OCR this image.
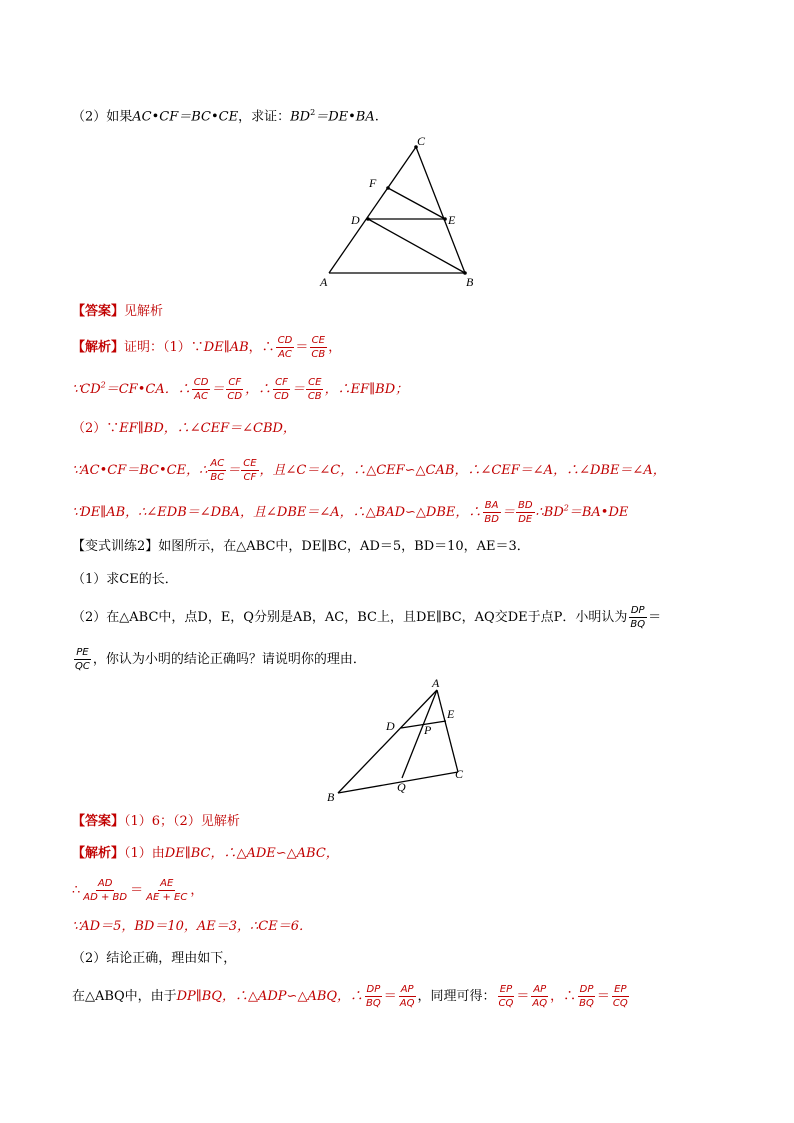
（2）如果AC•CF＝BC•CE，求证：$BD^2=DE•BA$.
C
F
D	E
A	B
【答案】见解析
【解析】证明：（1）∵DE∥AB，∴ $\frac{CD}{AC} = \frac{CE}{CB}$ ，
$\because CD^2=CF•CA$．∴ $\frac{CD}{AC} = \frac{CF}{CD}$ ，∴ $\frac{CF}{CD} = \frac{CE}{CB}$ ，∴EF∥BD；
（2）∵EF∥BD，∴∠CEF＝∠CBD，
∵AC•CF＝BC•CE，∴ $\frac{AC}{BC} = \frac{CE}{CF}$ ，且∠C＝∠C，∴△CEF∽△CAB，∴∠CEF＝∠A，∴∠DBE＝∠A，
∵DE∥AB，∴∠EDB＝∠DBA，且∠DBE＝∠A，∴△BAD∽△DBE，∴ $\frac{BA}{BD} = \frac{BD}{DE}$ $\therefore BD^2=BA•DE$
【变式训练2】如图所示，在△ABC中，DE∥BC，AD＝5，BD＝10，AE＝3．
（1）求CE的长．
（2）在△ABC中，点D，E，Q分别是AB，AC，BC上，且DE∥BC，AQ交DE于点P．小明认为 $\frac{DP}{BQ}$ ＝
$\frac{PE}{QC}$ ，你认为小明的结论正确吗？请说明你的理由．
A
D
E
P
B
Q
C
【答案】（1）6；（2）见解析
【解析】（1）由DE∥BC，∴△ADE∽△ABC，
∴ $\frac{AD}{AD + BD} = \frac{AE}{AE + EC}$ ，
∵AD＝5，BD＝10，AE＝3，∴CE＝6．
（2）结论正确，理由如下，
在△ABQ中，由于DP∥BQ，∴△ADP∽△ABQ，∴ $\frac{DP}{BQ} = \frac{AP}{AQ}$ ，同理可得： $\frac{EP}{CQ} = \frac{AP}{AQ}$ ，∴ $\frac{DP}{BQ} = \frac{EP}{CQ}$
